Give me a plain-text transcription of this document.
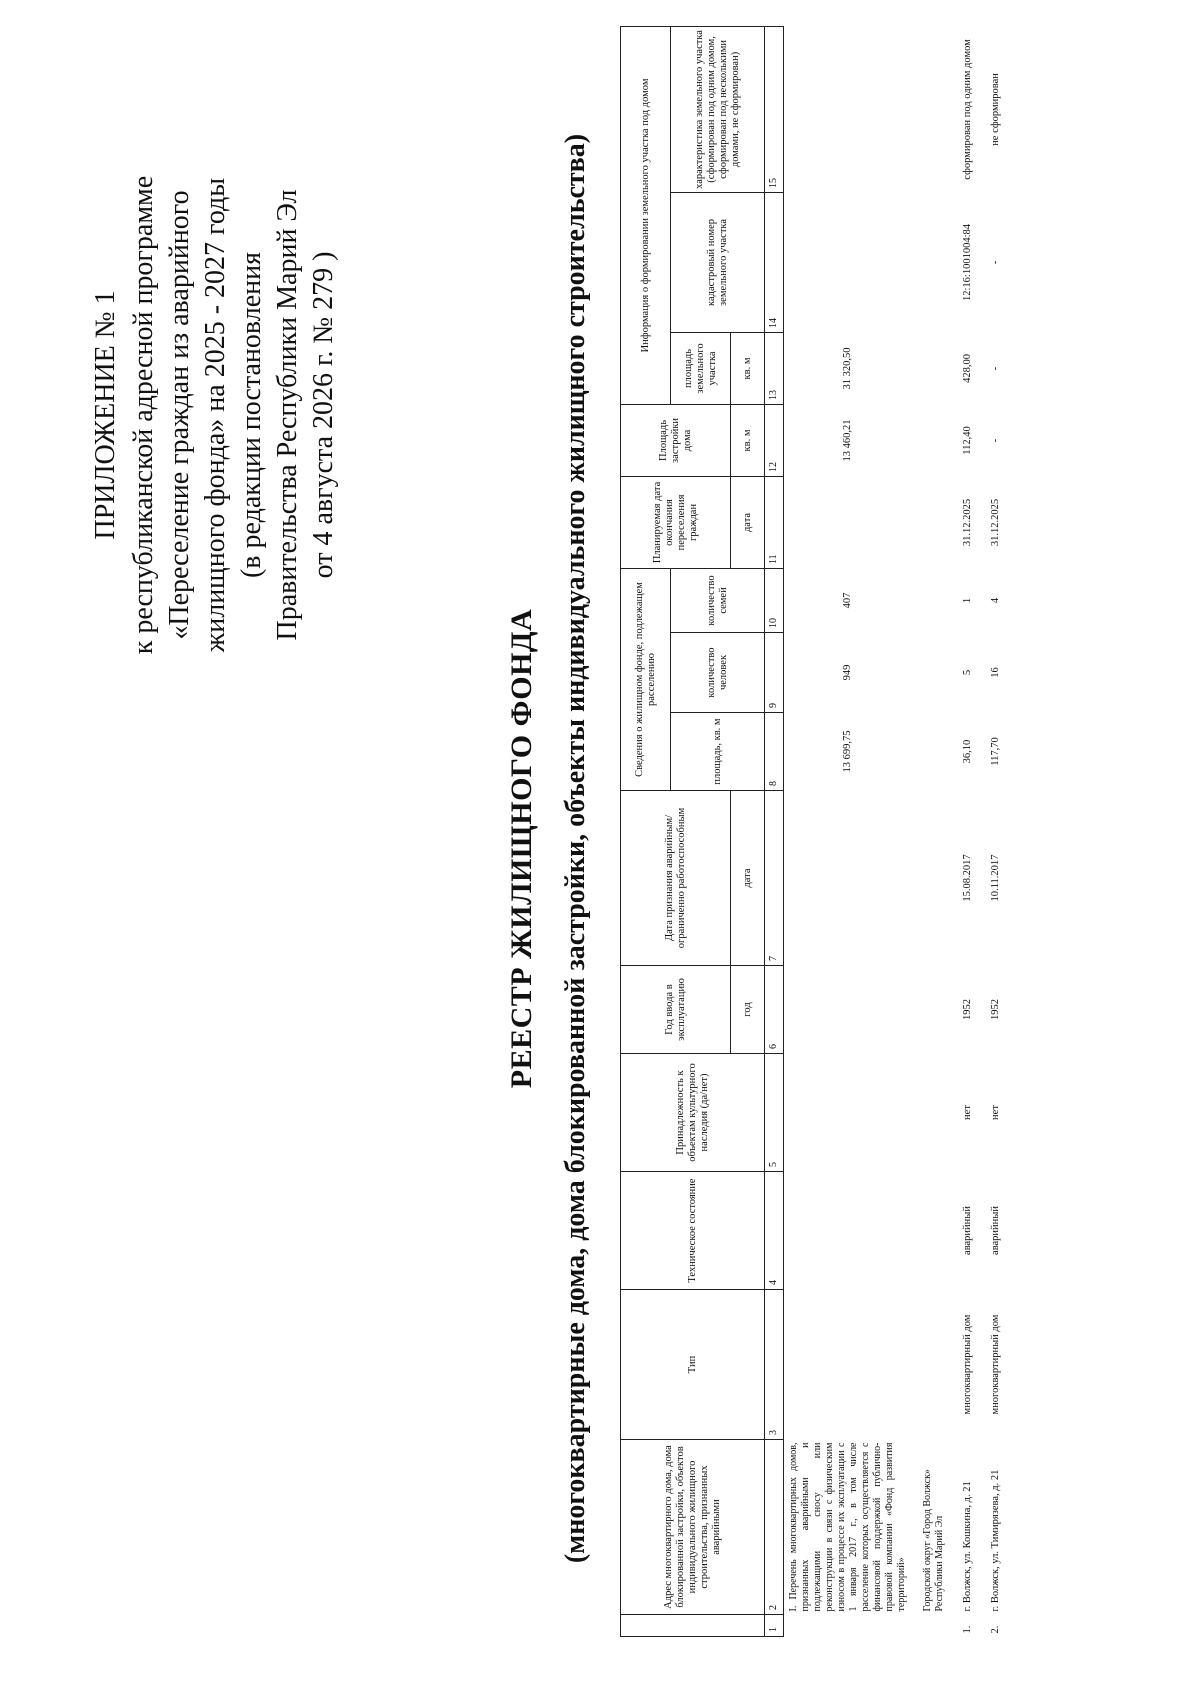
ПРИЛОЖЕНИЕ № 1 к республиканской адресной программе «Переселение граждан из аварийного жилищного фонда» на 2025 - 2027 годы (в редакции постановления Правительства Республики Марий Эл от 4 августа 2026 г. № 279 )
РЕЕСТР ЖИЛИЩНОГО ФОНДА (многоквартирные дома, дома блокированной застройки, объекты индивидуального жилищного строительства)
		Адрес многоквартирного дома, дома блокированной застройки, объектов индивидуального жилищного строительства, признанных аварийными	Тип	Техническое состояние	Принадлежность к объектам культурного наследия (да/нет)	Год ввода в эксплуатацию	Дата признания аварийным/ограниченно работоспособным	Сведения о жилищном фонде, подлежащем расселению			Планируемая дата окончания переселения граждан	Площадь застройки дома	Информация о формировании земельного участка под домом		
							площадь, кв. м	количество человек	количество семей			площадь земельного участка	кадастровый номер земельного участка	характеристика земельного участка (сформирован под одним домом, сформирован под несколькими домами, не сформирован)
					год	дата				дата	кв. м	кв. м		
1	2	3	4	5	6	7	8	9	10	11	12	13	14	15
	I. Перечень многоквартирных домов, признанных аварийными и подлежащими сносу или реконструкции в связи с физическим износом в процессе их эксплуатации с 1 января 2017 г., в том числе расселение которых осуществляется с финансовой поддержкой публично-правовой компании «Фонд развития территорий»						13 699,75	949	407		13 460,21	31 320,50		
	Городской округ «Город Волжск» Республики Марий Эл													
1.	г. Волжск, ул. Кошкина, д. 21	многоквартирный дом	аварийный	нет	1952	15.08.2017	36,10	5	1	31.12.2025	112,40	428,00	12:16:1001004:84	сформирован под одним домом
2.	г. Волжск, ул. Тимирязева, д. 21	многоквартирный дом	аварийный	нет	1952	10.11.2017	117,70	16	4	31.12.2025	-	-	-	не сформирован
